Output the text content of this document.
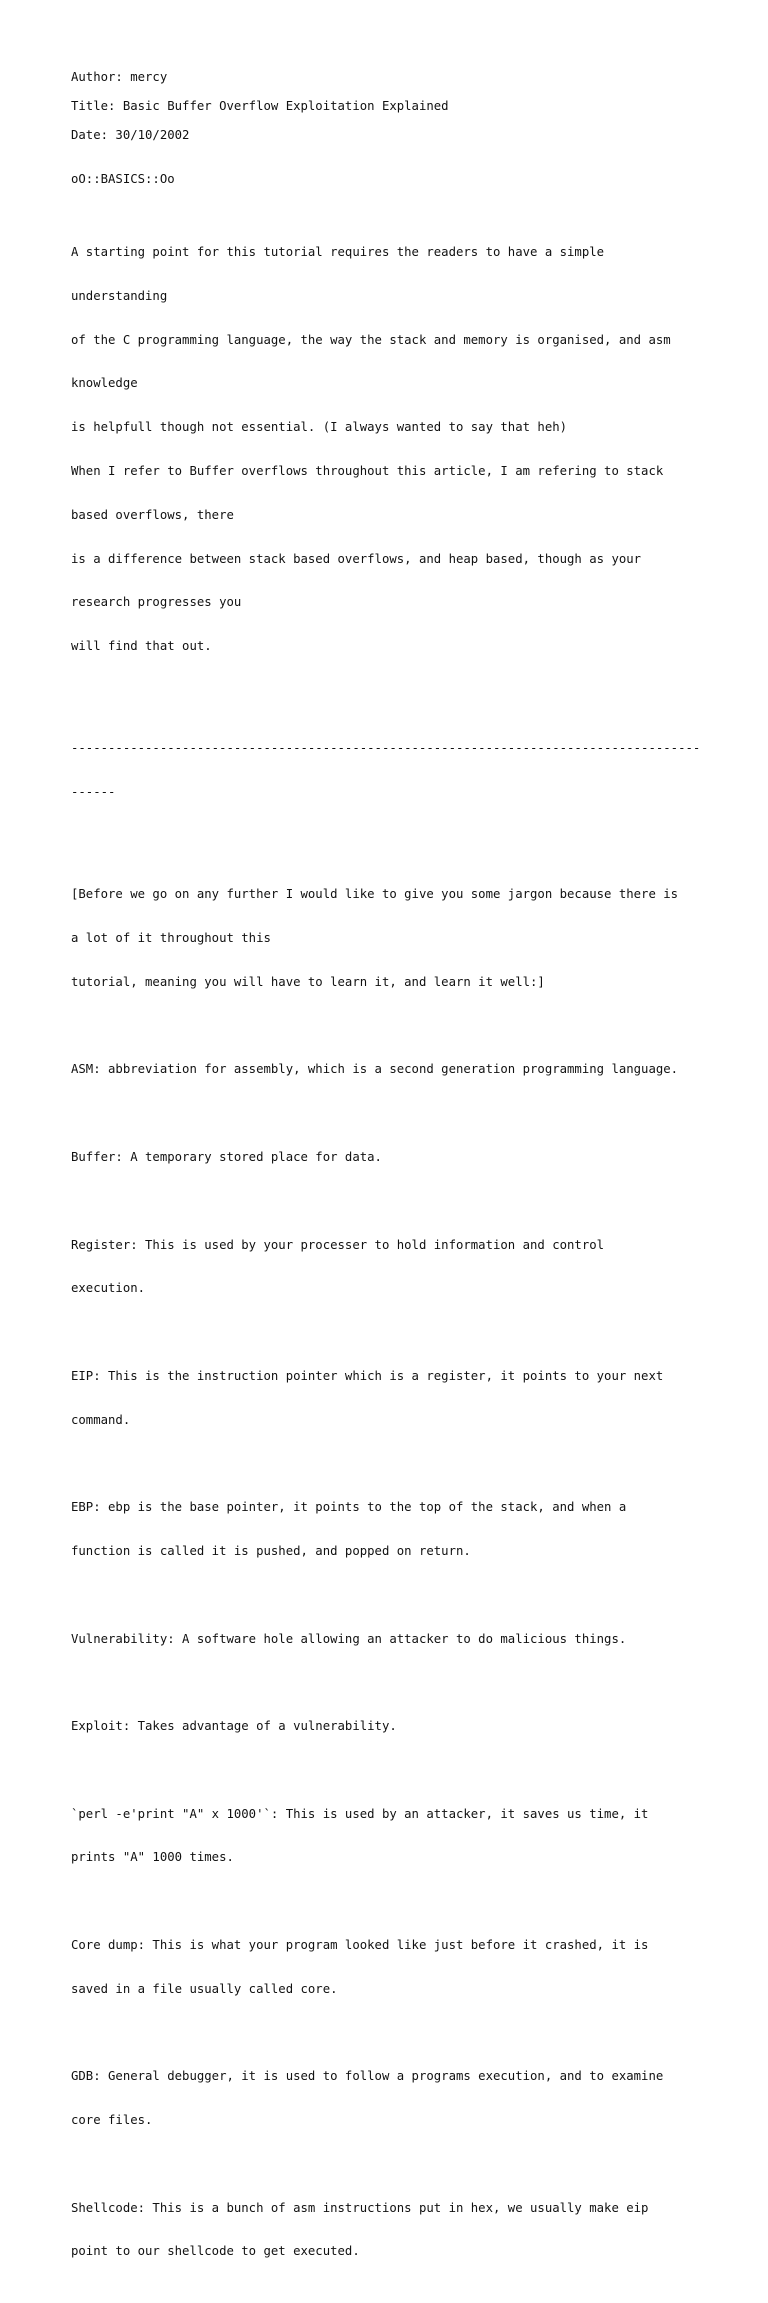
Author: mercy
Title: Basic Buffer Overflow Exploitation Explained
Date: 30/10/2002
oO::BASICS::Oo

A starting point for this tutorial requires the readers to have a simple

understanding

of the C programming language, the way the stack and memory is organised, and asm

knowledge

is helpfull though not essential. (I always wanted to say that heh)

When I refer to Buffer overflows throughout this article, I am refering to stack

based overflows, there

is a difference between stack based overflows, and heap based, though as your

research progresses you

will find that out.

-------------------------------------------------------------------------------------

------

[Before we go on any further I would like to give you some jargon because there is

a lot of it throughout this

tutorial, meaning you will have to learn it, and learn it well:]

ASM: abbreviation for assembly, which is a second generation programming language.

Buffer: A temporary stored place for data.

Register: This is used by your processer to hold information and control

execution.

EIP: This is the instruction pointer which is a register, it points to your next

command.

EBP: ebp is the base pointer, it points to the top of the stack, and when a

function is called it is pushed, and popped on return.

Vulnerability: A software hole allowing an attacker to do malicious things.

Exploit: Takes advantage of a vulnerability.

`perl -e'print "A" x 1000'`: This is used by an attacker, it saves us time, it

prints "A" 1000 times.

Core dump: This is what your program looked like just before it crashed, it is

saved in a file usually called core.

GDB: General debugger, it is used to follow a programs execution, and to examine

core files.

Shellcode: This is a bunch of asm instructions put in hex, we usually make eip

point to our shellcode to get executed.
